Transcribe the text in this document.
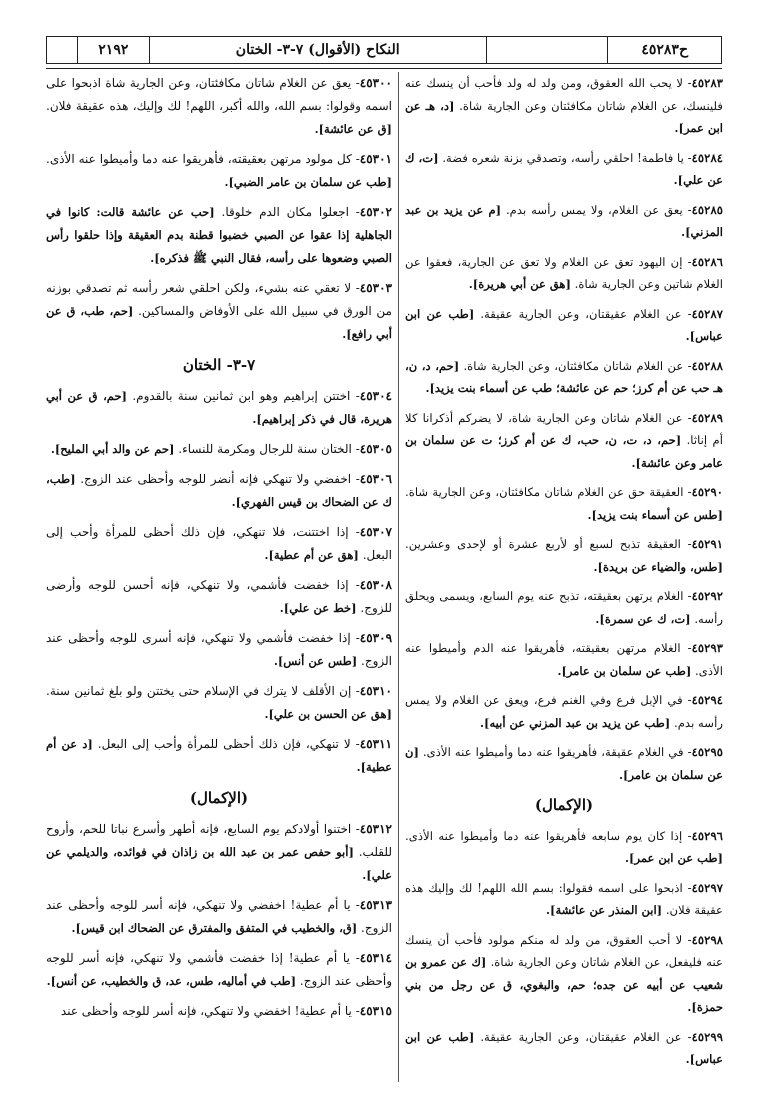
ح٤٥٢٨٣
النكاح (الأقوال) ٧-٣- الختان
٢١٩٢

٤٥٢٨٣- لا يحب الله العقوق، ومن ولد له ولد فأحب أن ينسك عنه فلينسك، عن الغلام شاتان مكافئتان وعن الجارية شاة. [د، هـ عن ابن عمر].

٤٥٢٨٤- يا فاطمة! احلقي رأسه، وتصدقي بزنة شعره فضة. [ت، ك عن علي].

٤٥٢٨٥- يعق عن الغلام، ولا يمس رأسه بدم. [م عن يزيد بن عبد المزني].

٤٥٢٨٦- إن اليهود تعق عن الغلام ولا تعق عن الجارية، فعقوا عن الغلام شاتين وعن الجارية شاة. [هق عن أبي هريرة].

٤٥٢٨٧- عن الغلام عقيقتان، وعن الجارية عقيقة. [طب عن ابن عباس].

٤٥٢٨٨- عن الغلام شاتان مكافئتان، وعن الجارية شاة. [حم، د، ن، هـ حب عن أم كرز؛ حم عن عائشة؛ طب عن أسماء بنت يزيد].

٤٥٢٨٩- عن الغلام شاتان وعن الجارية شاة، لا يضركم أذكرانا كلا أم إناثا. [حم، د، ت، ن، حب، ك عن أم كرز؛ ت عن سلمان بن عامر وعن عائشة].

٤٥٢٩٠- العقيقة حق عن الغلام شاتان مكافئتان، وعن الجارية شاة. [طس عن أسماء بنت يزيد].

٤٥٢٩١- العقيقة تذبح لسبع أو لأربع عشرة أو لإحدى وعشرين. [طس، والضياء عن بريدة].

٤٥٢٩٢- الغلام يرتهن بعقيقته، تذبح عنه يوم السابع، ويسمى ويحلق رأسه. [ت، ك عن سمرة].

٤٥٢٩٣- الغلام مرتهن بعقيقته، فأهريقوا عنه الدم وأميطوا عنه الأذى. [طب عن سلمان بن عامر].

٤٥٢٩٤- في الإبل فرع وفي الغنم فرع، ويعق عن الغلام ولا يمس رأسه بدم. [طب عن يزيد بن عبد المزني عن أبيه].

٤٥٢٩٥- في الغلام عقيقة، فأهريقوا عنه دما وأميطوا عنه الأذى. [ن عن سلمان بن عامر].

(الإكمال)

٤٥٢٩٦- إذا كان يوم سابعه فأهريقوا عنه دما وأميطوا عنه الأذى. [طب عن ابن عمر].

٤٥٢٩٧- اذبحوا على اسمه فقولوا: بسم الله اللهم! لك وإليك هذه عقيقة فلان. [ابن المنذر عن عائشة].

٤٥٢٩٨- لا أحب العقوق، من ولد له منكم مولود فأحب أن ينسك عنه فليفعل، عن الغلام شاتان وعن الجارية شاة. [ك عن عمرو بن شعيب عن أبيه عن جده؛ حم، والبغوي، ق عن رجل من بني حمزة].

٤٥٢٩٩- عن الغلام عقيقتان، وعن الجارية عقيقة. [طب عن ابن عباس].

٤٥٣٠٠- يعق عن الغلام شاتان مكافئتان، وعن الجارية شاة اذبحوا على اسمه وقولوا: بسم الله، والله أكبر، اللهم! لك وإليك، هذه عقيقة فلان. [ق عن عائشة].

٤٥٣٠١- كل مولود مرتهن بعقيقته، فأهريقوا عنه دما وأميطوا عنه الأذى. [طب عن سلمان بن عامر الضبي].

٤٥٣٠٢- اجعلوا مكان الدم خلوقا. [حب عن عائشة قالت: كانوا في الجاهلية إذا عقوا عن الصبي خضبوا قطنة بدم العقيقة وإذا حلقوا رأس الصبي وضعوها على رأسه، فقال النبي ﷺ فذكره].

٤٥٣٠٣- لا تعقي عنه بشيء، ولكن احلقي شعر رأسه ثم تصدقي بوزنه من الورق في سبيل الله على الأوفاض والمساكين. [حم، طب، ق عن أبي رافع].

٧-٣- الختان

٤٥٣٠٤- اختتن إبراهيم وهو ابن ثمانين سنة بالقدوم. [حم، ق عن أبي هريرة، قال في ذكر إبراهيم].

٤٥٣٠٥- الختان سنة للرجال ومكرمة للنساء. [حم عن والد أبي المليح].

٤٥٣٠٦- اخفضي ولا تنهكي فإنه أنضر للوجه وأحظى عند الزوج. [طب، ك عن الضحاك بن قيس الفهري].

٤٥٣٠٧- إذا اختتنت، فلا تنهكي، فإن ذلك أحظى للمرأة وأحب إلى البعل. [هق عن أم عطية].

٤٥٣٠٨- إذا خفضت فأشمي، ولا تنهكي، فإنه أحسن للوجه وأرضى للزوج. [خط عن علي].

٤٥٣٠٩- إذا خفضت فأشمي ولا تنهكي، فإنه أسرى للوجه وأحظى عند الزوج. [طس عن أنس].

٤٥٣١٠- إن الأقلف لا يترك في الإسلام حتى يختتن ولو بلغ ثمانين سنة. [هق عن الحسن بن علي].

٤٥٣١١- لا تنهكي، فإن ذلك أحظى للمرأة وأحب إلى البعل. [د عن أم عطية].

(الإكمال)

٤٥٣١٢- اختنوا أولادكم يوم السابع، فإنه أطهر وأسرع نباتا للحم، وأروح للقلب. [أبو حفص عمر بن عبد الله بن زاذان في فوائده، والديلمي عن علي].

٤٥٣١٣- يا أم عطية! اخفضي ولا تنهكي، فإنه أسر للوجه وأحظى عند الزوج. [ق، والخطيب في المتفق والمفترق عن الضحاك ابن قيس].

٤٥٣١٤- يا أم عطية! إذا خفضت فأشمي ولا تنهكي، فإنه أسر للوجه وأحظى عند الزوج. [طب في أماليه، طس، عد، ق والخطيب، عن أنس].

٤٥٣١٥- يا أم عطية! اخفضي ولا تنهكي، فإنه أسر للوجه وأحظى عند
